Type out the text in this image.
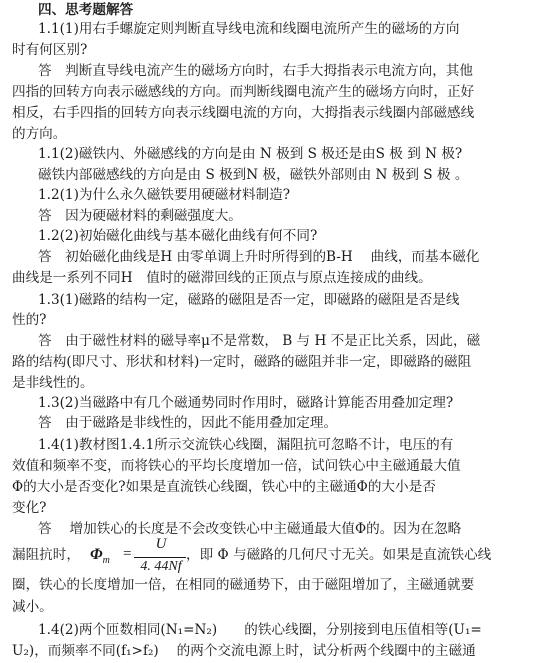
四、思考题解答
1.1(1)用右手螺旋定则判断直导线电流和线圈电流所产生的磁场的方向
时有何区别?
答　判断直导线电流产生的磁场方向时，右手大拇指表示电流方向，其他
四指的回转方向表示磁感线的方向。而判断线圈电流产生的磁场方向时，正好
相反，右手四指的回转方向表示线圈电流的方向，大拇指表示线圈内部磁感线
的方向。
1.1(2)磁铁内、外磁感线的方向是由 N 极到 S 极还是由S 极 到 N 极?
磁铁内部磁感线的方向是由 S 极到N 极，磁铁外部则由 N 极到 S 极 。
1.2(1)为什么永久磁铁要用硬磁材料制造?
答　因为硬磁材料的剩磁强度大。
1.2(2)初始磁化曲线与基本磁化曲线有何不同?
答　初始磁化曲线是H 由零单调上升时所得到的B-H　 曲线，而基本磁化
曲线是一系列不同H　值时的磁滞回线的正顶点与原点连接成的曲线。
1.3(1)磁路的结构一定，磁路的磁阻是否一定，即磁路的磁阻是否是线
性的?
答　由于磁性材料的磁导率μ不是常数， B 与 H 不是正比关系，因此，磁
路的结构(即尺寸、形状和材料)一定时，磁路的磁阻并非一定，即磁路的磁阻
是非线性的。
1.3(2)当磁路中有几个磁通势同时作用时，磁路计算能否用叠加定理?
答　由于磁路是非线性的，因此不能用叠加定理。
1.4(1)教材图1.4.1所示交流铁心线圈，漏阻抗可忽略不计，电压的有
效值和频率不变，而将铁心的平均长度增加一倍，试问铁心中主磁通最大值
Φ的大小是否变化?如果是直流铁心线圈，铁心中的主磁通Φ的大小是否
变化?
答　 增加铁心的长度是不会改变铁心中主磁通最大值Φ的。因为在忽略
漏阻抗时， $\Phi_m$ =
U
4. 44Nf
，即 Φ 与磁路的几何尺寸无关。如果是直流铁心线
圈，铁心的长度增加一倍，在相同的磁通势下，由于磁阻增加了，主磁通就要
减小。
1.4(2)两个匝数相同(N₁=N₂)　　的铁心线圈，分别接到电压值相等(U₁=
U₂)，而频率不同(f₁>f₂)　 的两个交流电源上时，试分析两个线圈中的主磁通
